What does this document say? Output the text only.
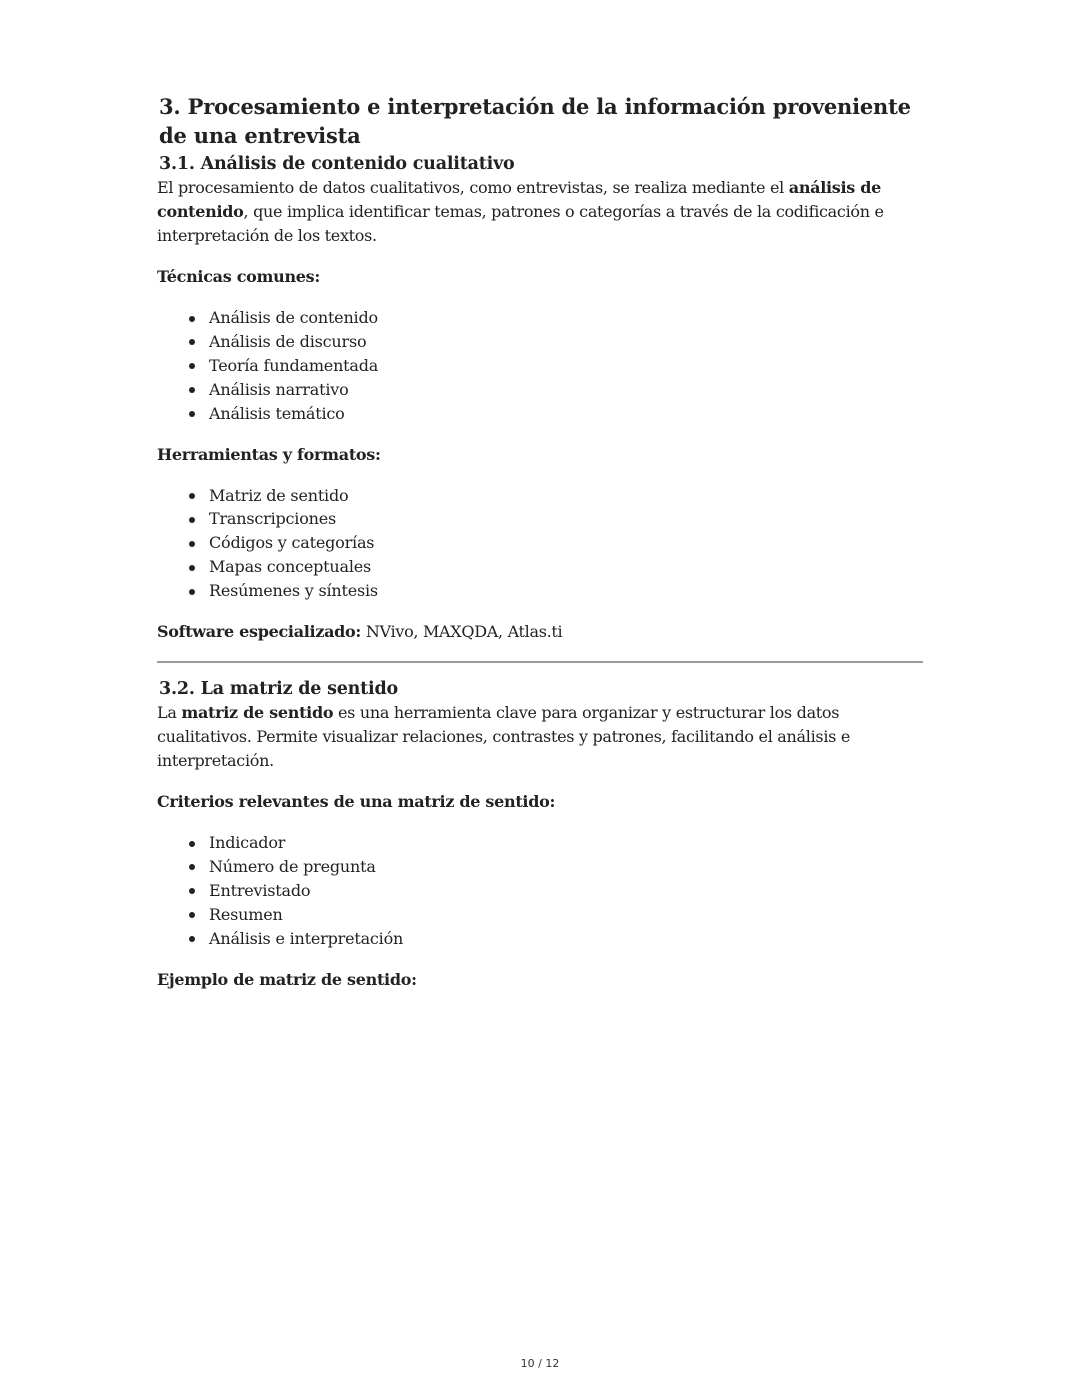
3. Procesamiento e interpretación de la información proveniente de una entrevista
3.1. Análisis de contenido cualitativo

El procesamiento de datos cualitativos, como entrevistas, se realiza mediante el análisis de contenido, que implica identificar temas, patrones o categorías a través de la codificación e interpretación de los textos.

Técnicas comunes:

Análisis de contenido
Análisis de discurso
Teoría fundamentada
Análisis narrativo
Análisis temático

Herramientas y formatos:

Matriz de sentido
Transcripciones
Códigos y categorías
Mapas conceptuales
Resúmenes y síntesis

Software especializado: NVivo, MAXQDA, Atlas.ti

3.2. La matriz de sentido

La matriz de sentido es una herramienta clave para organizar y estructurar los datos cualitativos. Permite visualizar relaciones, contrastes y patrones, facilitando el análisis e interpretación.

Criterios relevantes de una matriz de sentido:

Indicador
Número de pregunta
Entrevistado
Resumen
Análisis e interpretación

Ejemplo de matriz de sentido:

10 / 12
